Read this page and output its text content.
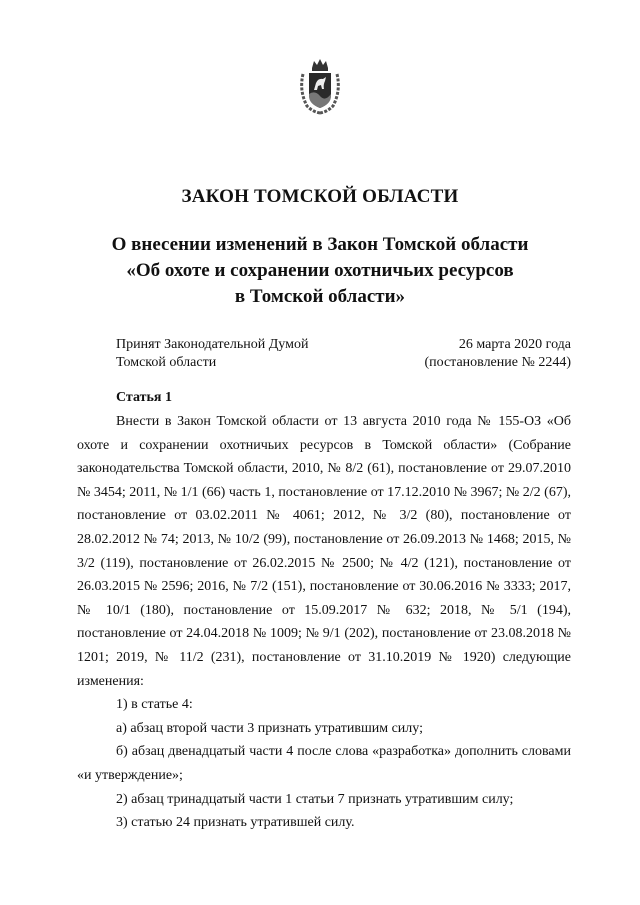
ЗАКОН ТОМСКОЙ ОБЛАСТИ
О внесении изменений в Закон Томской области
«Об охоте и сохранении охотничьих ресурсов
в Томской области»
Принят Законодательной Думой
Томской области
26 марта 2020 года
(постановление № 2244)
Статья 1

Внести в Закон Томской области от 13 августа 2010 года № 155-ОЗ «Об охоте и сохранении охотничьих ресурсов в Томской области» (Собрание законодательства Томской области, 2010, № 8/2 (61), постановление от 29.07.2010 № 3454; 2011, № 1/1 (66) часть 1, постановление от 17.12.2010 № 3967; № 2/2 (67), постановление от 03.02.2011 № 4061; 2012, № 3/2 (80), постановление от 28.02.2012 № 74; 2013, № 10/2 (99), постановление от 26.09.2013 № 1468; 2015, № 3/2 (119), постановление от 26.02.2015 № 2500; № 4/2 (121), постановление от 26.03.2015 № 2596; 2016, № 7/2 (151), постановление от 30.06.2016 № 3333; 2017, № 10/1 (180), постановление от 15.09.2017 № 632; 2018, № 5/1 (194), постановление от 24.04.2018 № 1009; № 9/1 (202), постановление от 23.08.2018 № 1201; 2019, № 11/2 (231), постановление от 31.10.2019 № 1920) следующие изменения:

1) в статье 4:

а) абзац второй части 3 признать утратившим силу;

б) абзац двенадцатый части 4 после слова «разработка» дополнить словами «и утверждение»;

2) абзац тринадцатый части 1 статьи 7 признать утратившим силу;

3) статью 24 признать утратившей силу.
